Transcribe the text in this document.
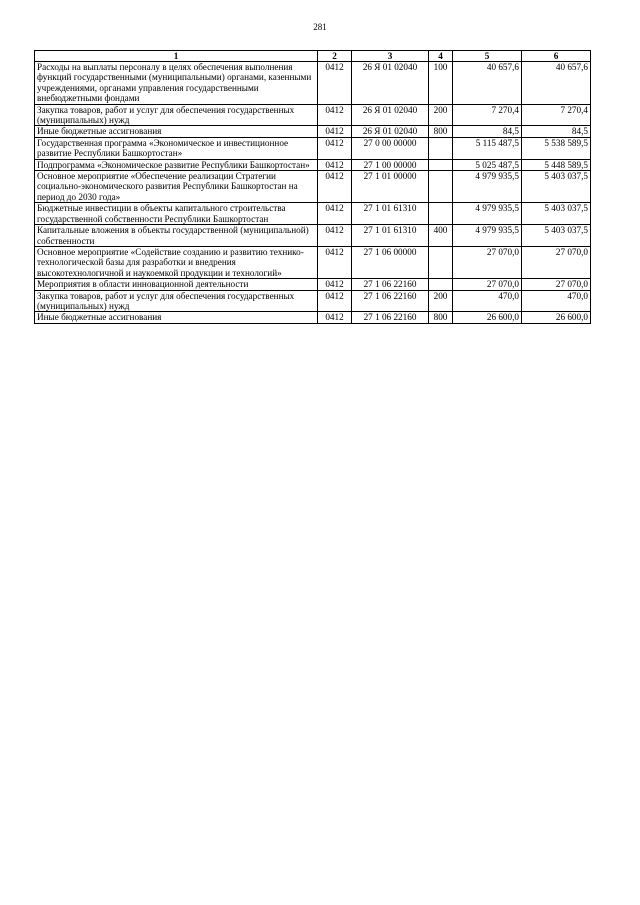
281
1	2	3	4	5	6
Расходы на выплаты персоналу в целях обеспечения выполнения функций государственными (муниципальными) органами, казенными учреждениями, органами управления государственными внебюджетными фондами	0412	26 Я 01 02040	100	40 657,6	40 657,6
Закупка товаров, работ и услуг для обеспечения государственных (муниципальных) нужд	0412	26 Я 01 02040	200	7 270,4	7 270,4
Иные бюджетные ассигнования	0412	26 Я 01 02040	800	84,5	84,5
Государственная программа «Экономическое и инвестиционное развитие Республики Башкортостан»	0412	27 0 00 00000		5 115 487,5	5 538 589,5
Подпрограмма «Экономическое развитие Республики Башкортостан»	0412	27 1 00 00000		5 025 487,5	5 448 589,5
Основное мероприятие «Обеспечение реализации Стратегии социально-экономического развития Республики Башкортостан на период до 2030 года»	0412	27 1 01 00000		4 979 935,5	5 403 037,5
Бюджетные инвестиции в объекты капитального строительства государственной собственности Республики Башкортостан	0412	27 1 01 61310		4 979 935,5	5 403 037,5
Капитальные вложения в объекты государственной (муниципальной) собственности	0412	27 1 01 61310	400	4 979 935,5	5 403 037,5
Основное мероприятие «Содействие созданию и развитию технико-технологической базы для разработки и внедрения высокотехнологичной и наукоемкой продукции и технологий»	0412	27 1 06 00000		27 070,0	27 070,0
Мероприятия в области инновационной деятельности	0412	27 1 06 22160		27 070,0	27 070,0
Закупка товаров, работ и услуг для обеспечения государственных (муниципальных) нужд	0412	27 1 06 22160	200	470,0	470,0
Иные бюджетные ассигнования	0412	27 1 06 22160	800	26 600,0	26 600,0
